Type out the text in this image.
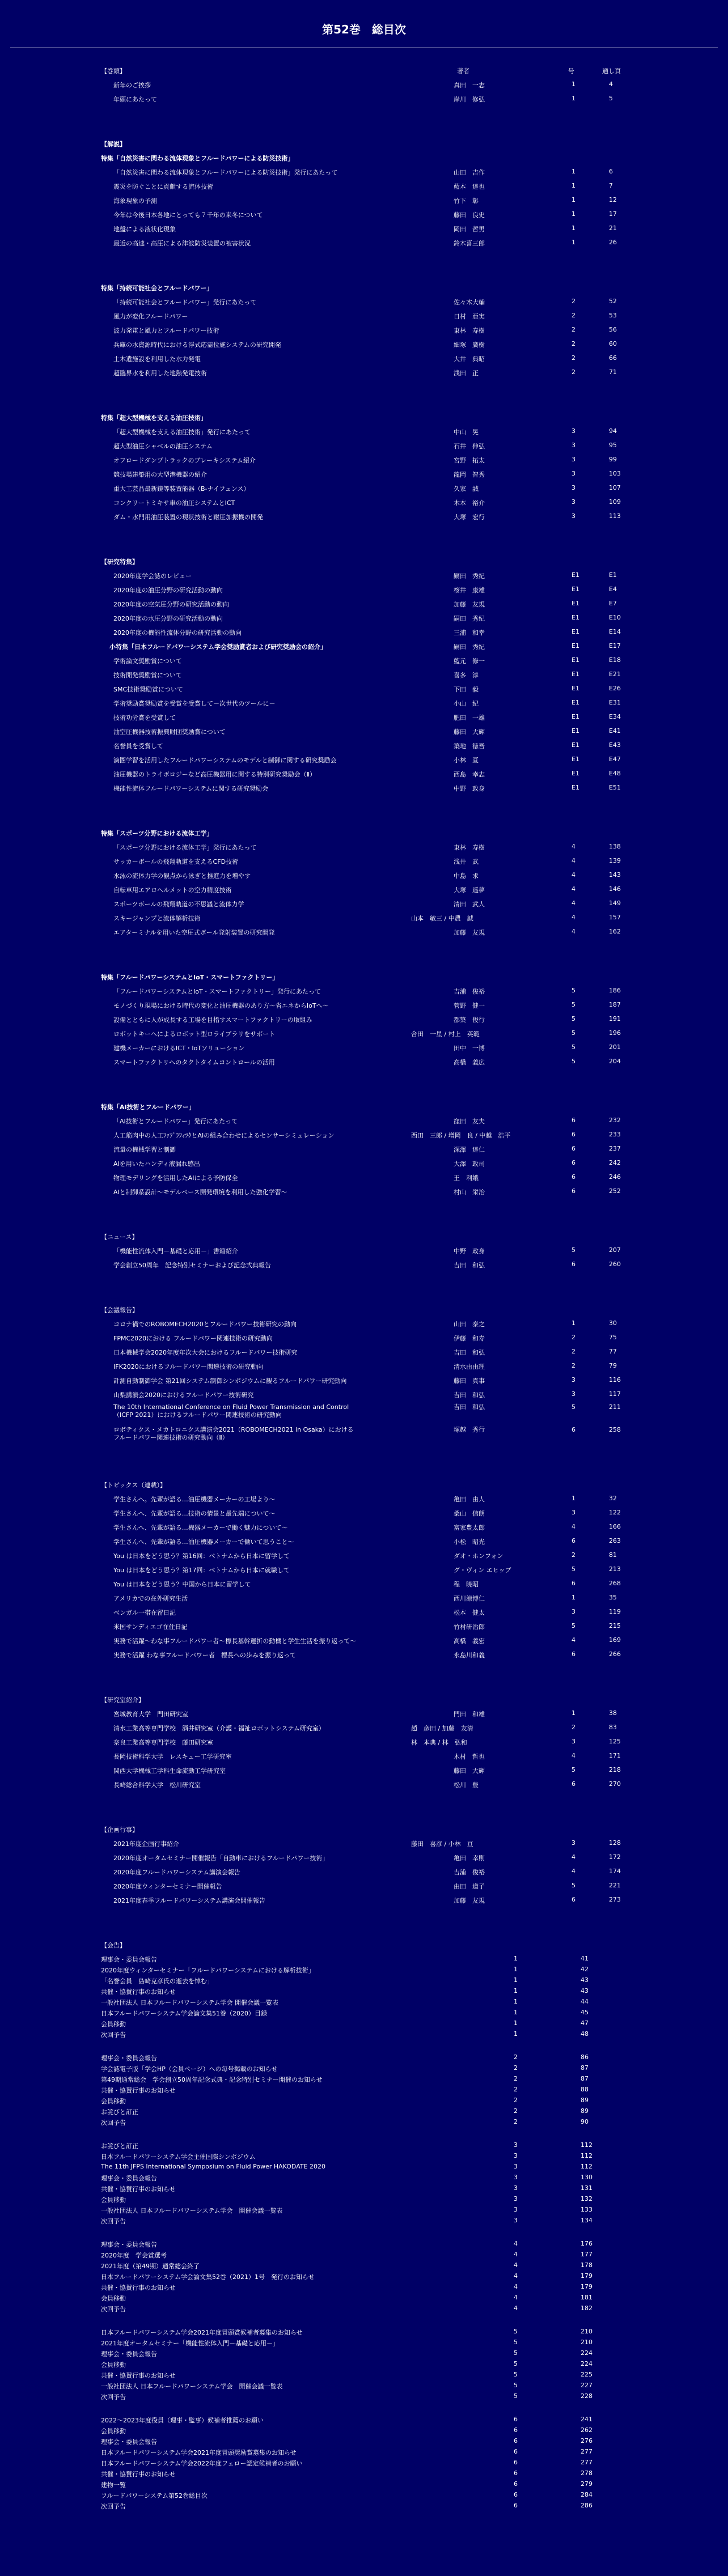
第52巻　総目次
【巻頭】	著者	号	通し頁
新年のご挨拶	真田　一志	1	4
年頭にあたって	岸川　修弘	1	5
【解説】
特集「自然災害に関わる流体現象とフルードパワーによる防災技術」
「自然災害に関わる流体現象とフルードパワーによる防災技術」発行にあたって	山田　吉作	1	6
震災を防ぐことに貢献する流体技術	藍本　達也	1	7
海象現象の予測	竹下　彰	1	12
今年は今後日本各地にとっても７千年の来冬について	藤田　良史	1	17
地盤による液状化現象	岡田　哲男	1	21
最近の高速・高圧による津波防災装置の被害状況	鈴木喜三郎	1	26
特集「持続可能社会とフルードパワー」
「持続可能社会とフルードパワー」発行にあたって	佐々木大輔	2	52
風力が変化フルードパワー	日村　亜実	2	53
波力発電と風力とフルードパワー技術	東林　寿樹	2	56
兵庫の水資源時代における浮式応需位施システムの研究開発	細塚　廣樹	2	60
土木遺施設を利用した水力発電	大井　典昭	2	66
超臨界水を利用した地熱発電技術	浅田　正	2	71
特集「超大型機械を支える油圧技術」
「超大型機械を支える油圧技術」発行にあたって	中山　晃	3	94
超大型油圧シャベルの油圧システム	石井　伸弘	3	95
オフロードダンプトラックのブレーキシステム紹介	宮野　拓太	3	99
競技場建築用の大型港機器の紹介	龍岡　智秀	3	103
重大工芸品最新鏡等装置能器（B-ナイフェンス）	久家　誠	3	107
コンクリートミキサ車の油圧システムとICT	木本　裕介	3	109
ダム・水門用油圧装置の現状技術と耐圧加振機の開発	大塚　宏行	3	113
【研究特集】
2020年度学会誌のレビュー	嗣田　秀紀	E1	E1
2020年度の油圧分野の研究活動の動向	桜井　康雄	E1	E4
2020年度の空気圧分野の研究活動の動向	加藤　友規	E1	E7
2020年度の水圧分野の研究活動の動向	嗣田　秀紀	E1	E10
2020年度の機能性流体分野の研究活動の動向	三浦　和幸	E1	E14
小特集「日本フルードパワーシステム学会奨励賞者および研究奨励会の紹介」	嗣田　秀紀	E1	E17
学術論文奨励賞について	藍元　修一	E1	E18
技術開発奨励賞について	喜多　淳	E1	E21
SMC技術奨励賞について	下田　毅	E1	E26
学術奨励賞奨励賞を受賞を受賞して－次世代のツールに－	小山　紀	E1	E31
技術功労賞を受賞して	肥田　一雄	E1	E34
油空圧機器技術振興財団奨励賞について	藤田　大輝	E1	E41
名誉員を受賞して	築地　徳吾	E1	E43
滴圏学習を活用したフルードパワーシステムのモデルと制御に関する研究奨励会	小林　亘	E1	E47
油圧機器のトライボロジーなど高圧機器用に関する特別研究奨励会（Ⅱ）	西島　幸志	E1	E48
機能性流体フルードパワーシステムに関する研究奨励会	中野　政身	E1	E51
特集「スポーツ分野における流体工学」
「スポーツ分野における流体工学」発行にあたって	東林　寿樹	4	138
サッカーボールの飛翔軌道を支えるCFD技術	浅井　武	4	139
水泳の流体力学の観点から泳ぎと推進力を増やす	中島　求	4	143
自転車用エアロヘルメットの空力精度技術	大塚　遥夢	4	146
スポーツボールの飛翔軌道の不思議と流体力学	清田　武人	4	149
スキージャンプと流体解析技術	山本　敏三 / 中農　誠	4	157
エアターミナルを用いた空圧式ボール発射装置の研究開発	加藤　友規	4	162
特集「フルードパワーシステムとIoT・スマートファクトリー」
「フルードパワーシステムとIoT・スマートファクトリー」発行にあたって	吉浦　俊裕	5	186
モノづくり現場における時代の変化と油圧機器のあり方～省エネからIoTへ～	菅野　健一	5	187
設備とともに人が成長する工場を目指すスマートファクトリーの取組み	都築　俊行	5	191
ロボットキーへによるロボット型ロライブラリをサポート	合田　一星 / 村上　英範	5	196
建機メーカーにおけるICT・IoTソリューション	田中　一博	5	201
スマートファクトリへのタクトタイムコントロールの活用	高橋　義広	5	204
特集「AI技術とフルードパワー」
「AI技術とフルードパワー」発行にあたって	窪田　友夫	6	232
人工筋肉中の人工ﾌｧﾌﾞﾗﾌｨﾂｸとAIの組み合わせによるセンサーシミュレーション	西田　三郎 / 増岡　良 / 中越　浩平	6	233
流量の機械学習と制御	深澤　達仁	6	237
AIを用いたハンディ液漏れ感出	大澤　政司	6	242
物理モデリングを活用したAIによる予防保全	王　利娥	6	246
AIと制御系設計～モデルベース開発環境を利用した強化学習～	村山　栄治	6	252
【ニュース】
「機能性流体入門－基礎と応用－」書籍紹介	中野　政身	5	207
学会創立50周年　記念特別セミナーおよび記念式典報告	吉田　和弘	6	260
【会議報告】
コロナ禍でのROBOMECH2020とフルードパワー技術研究の動向	山田　泰之	1	30
FPMC2020における フルードパワー関連技術の研究動向	伊藤　和寿	2	75
日本機械学会2020年度年次大会におけるフルードパワー技術研究	吉田　和弘	2	77
IFK2020におけるフルードパワー関連技術の研究動向	清水由由理	2	79
計測自動制御学会 第21回システム制御シンポジウムに観るフルードパワー研究動向	藤田　真事	3	116
山梨講演会2020におけるフルードパワー技術研究	吉田　和弘	3	117
The 10th International Conference on Fluid Power Transmission and Control（ICFP 2021）におけるフルードパワー関連技術の研究動向
吉田　和弘	5	211
ロボティクス・メカトロニクス講演会2021（ROBOMECH2021 in Osaka）におけるフルードパワー関連技術の研究動向（Ⅱ）
塚越　秀行	6	258
【トピックス（連載）】
学生さんへ。先輩が語る…油圧機器メーカーの工場より～	亀田　由人	1	32
学生さんへ、先輩が語る…技術の情景と最先端について～	桑山　信朗	3	122
学生さんへ、先輩が語る…機器メーカーで働く魅力について～	富家豊太郎	4	166
学生さんへ、先輩が語る…油圧機器メーカーで働いて思うこと～	小松　昭光	6	263
You は日本をどう思う？第16回：ベトナムから日本に留学して	ダオ・ホンフォン	2	81
You は日本をどう思う？第17回：ベトナムから日本に就職して	グ・ヴィン エヒップ	5	213
You は日本をどう思う？中国から日本に留学して	程　暁昭	6	268
アメリカでの在外研究生活	西川涼博仁	1	35
ベンガル一帯在留日記	松本　健太	3	119
米国サンディエゴ在住日記	竹村研治郎	5	215
実務で活躍～わな事フルードパワー者～標長基幹運折の動機と学生生活を振り返って～	高橋　義宏	4	169
実務で活躍 わな事フルードパワー者　標長への歩みを振り返って	永島川和義	6	266
【研究室紹介】
宮城教育大学　門田研究室	門田　和雄	1	38
清水工業高等専門学校　酒井研究室（介護・福祉ロボットシステム研究室）	趙　彦田 / 加藤　友清	2	83
奈良工業高等専門学校　藤田研究室	林　本典 / 林　弘和	3	125
長岡技術科学大学　レスキュー工学研究室	木村　哲也	4	171
関西大学機械工学科生命流動工学研究室	藤田　大輝	5	218
長崎総合科学大学　松川研究室	松川　豊	6	270
【企画行事】
2021年度企画行事紹介	藤田　喜彦 / 小林　亘	3	128
2020年度オータムセミナー開催報告「自動車におけるフルードパワー技術」	亀田　幸則	4	172
2020年度フルードパワーシステム講演会報告	吉浦　俊裕	4	174
2020年度ウィンターセミナー開催報告	由田　道子	5	221
2021年度春季フルードパワーシステム講演会開催報告	加藤　友規	6	273
【会告】
理事会・委員会報告	1	41
2020年度ウィンターセミナー「フルードパワーシステムにおける解析技術」	1	42
「名誉会員　島崎克彦氏の逝去を悼む」	1	43
共催・協賛行事のお知らせ	1	43
一般社団法人 日本フルードパワーシステム学会 開催会議一覧表	1	44
日本フルードパワーシステム学会論文集51巻（2020）目録	1	45
会員移動	1	47
次回予告	1	48
理事会・委員会報告	2	86
学会誌電子版「学会HP（会員ページ）への毎号掲載のお知らせ	2	87
第49期通常総会　学会創立50周年記念式典・記念特別セミナー開催のお知らせ	2	87
共催・協賛行事のお知らせ	2	88
会員移動	2	89
お詫びと訂正	2	89
次回予告	2	90
お詫びと訂正	3	112
日本フルードパワーシステム学会主催国際シンポジウム	3	112
The 11th JFPS International Symposium on Fluid Power HAKODATE 2020	3	112
理事会・委員会報告	3	130
共催・協賛行事のお知らせ	3	131
会員移動	3	132
一般社団法人 日本フルードパワーシステム学会　開催会議一覧表	3	133
次回予告	3	134
理事会・委員会報告	4	176
2020年度　学会賞選考	4	177
2021年度（第49期）通常総会終了	4	178
日本フルードパワーシステム学会論文集52巻（2021）1号　発行のお知らせ	4	179
共催・協賛行事のお知らせ	4	179
会員移動	4	181
次回予告	4	182
日本フルードパワーシステム学会2021年度冒頭賞候補者募集のお知らせ	5	210
2021年度オータムセミナー「機能性流体入門－基礎と応用－」	5	210
理事会・委員会報告	5	224
会員移動	5	224
共催・協賛行事のお知らせ	5	225
一般社団法人 日本フルードパワーシステム学会　開催会議一覧表	5	227
次回予告	5	228
2022〜2023年度役員（理事・監事）候補者推薦のお願い	6	241
会員移動	6	262
理事会・委員会報告	6	276
日本フルードパワーシステム学会2021年度冒頭奨励賞募集のお知らせ	6	277
日本フルードパワーシステム学会2022年度フェロー認定候補者のお願い	6	277
共催・協賛行事のお知らせ	6	278
建物一覧	6	279
フルードパワーシステム第52巻総目次	6	284
次回予告	6	286
